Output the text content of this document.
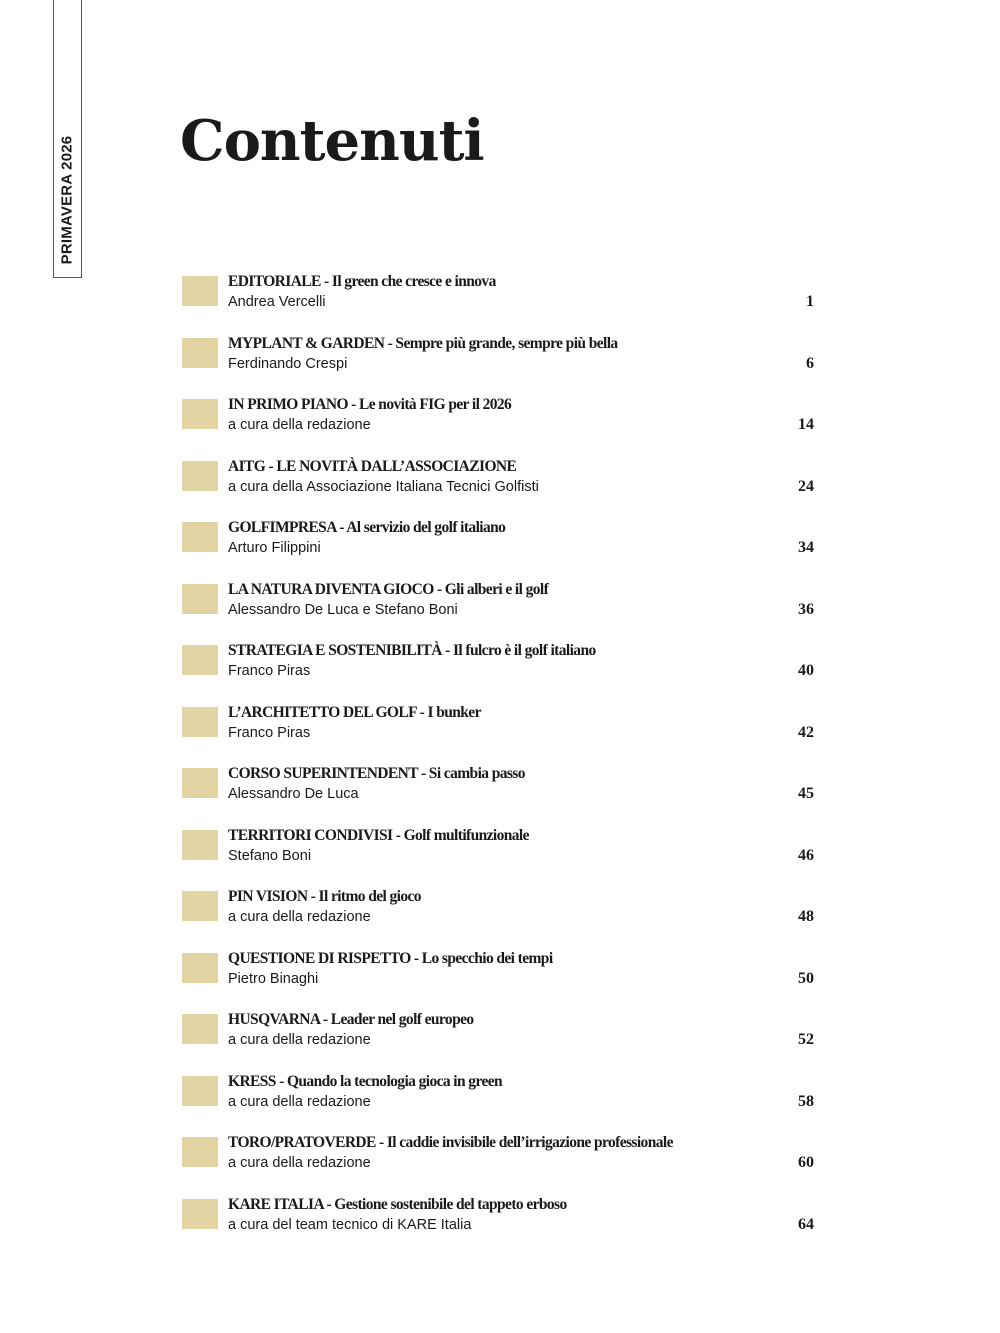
PRIMAVERA 2026 Contenuti
EDITORIALE - Il green che cresce e innova
Andrea Vercelli	1
MYPLANT & GARDEN - Sempre più grande, sempre più bella
Ferdinando Crespi	6
IN PRIMO PIANO - Le novità FIG per il 2026
a cura della redazione	14
AITG - LE NOVITÀ DALL’ASSOCIAZIONE
a cura della Associazione Italiana Tecnici Golfisti	24
GOLFIMPRESA - Al servizio del golf italiano
Arturo Filippini	34
LA NATURA DIVENTA GIOCO - Gli alberi e il golf
Alessandro De Luca e Stefano Boni	36
STRATEGIA E SOSTENIBILITÀ - Il fulcro è il golf italiano
Franco Piras	40
L’ARCHITETTO DEL GOLF - I bunker
Franco Piras	42
CORSO SUPERINTENDENT - Si cambia passo
Alessandro De Luca	45
TERRITORI CONDIVISI - Golf multifunzionale
Stefano Boni	46
PIN VISION - Il ritmo del gioco
a cura della redazione	48
QUESTIONE DI RISPETTO - Lo specchio dei tempi
Pietro Binaghi	50
HUSQVARNA - Leader nel golf europeo
a cura della redazione	52
KRESS - Quando la tecnologia gioca in green
a cura della redazione	58
TORO/PRATOVERDE - Il caddie invisibile dell’irrigazione professionale
a cura della redazione	60
KARE ITALIA - Gestione sostenibile del tappeto erboso
a cura del team tecnico di KARE Italia	64
